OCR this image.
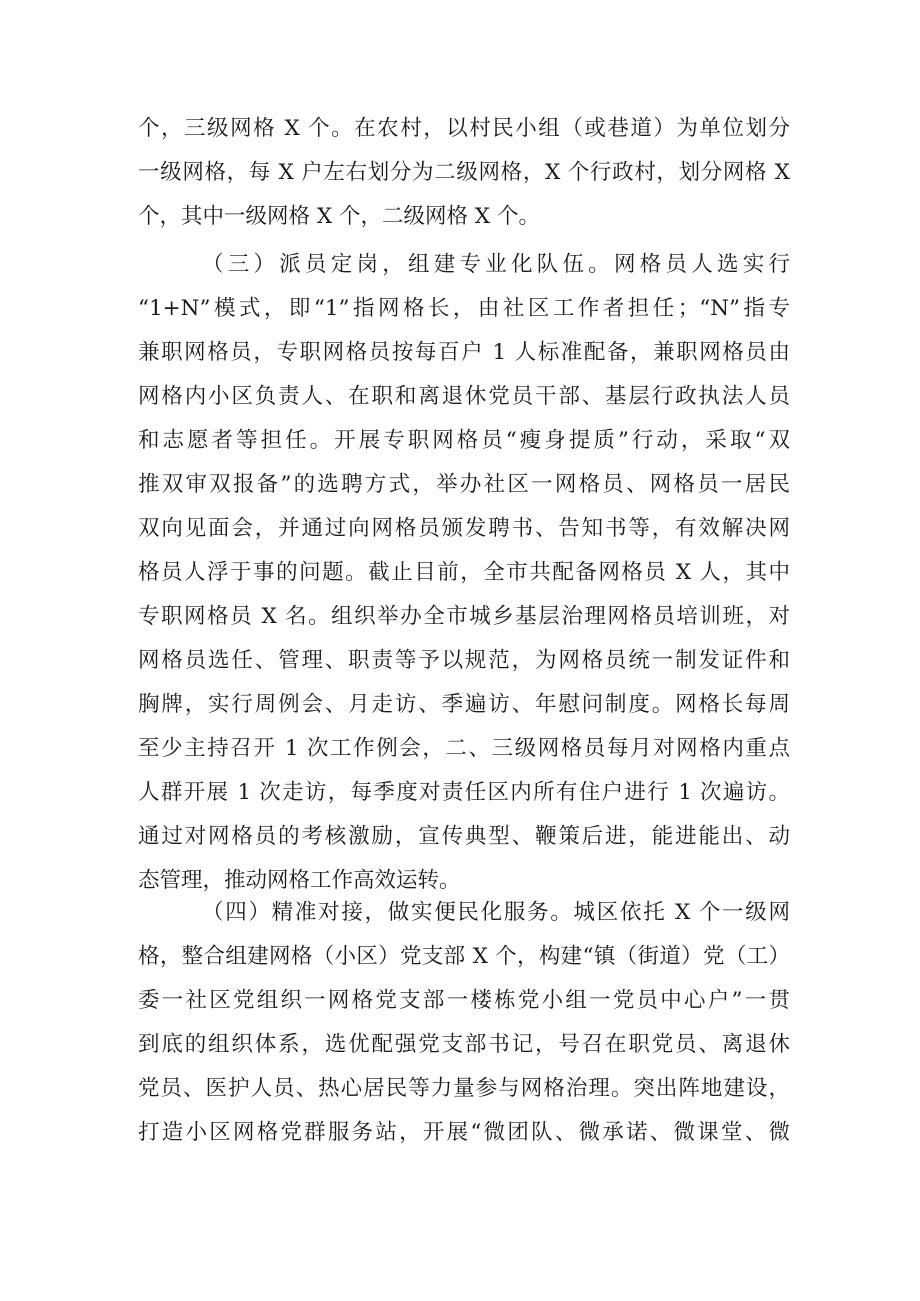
个，三级网格 X 个。在农村，以村民小组（或巷道）为单位划分
一级网格，每 X 户左右划分为二级网格，X 个行政村，划分网格 X
个，其中一级网格 X 个，二级网格 X 个。
（三）派员定岗，组建专业化队伍。网格员人选实行
“1+N”模式，即“1”指网格长，由社区工作者担任；“N”指专
兼职网格员，专职网格员按每百户 1 人标准配备，兼职网格员由
网格内小区负责人、在职和离退休党员干部、基层行政执法人员
和志愿者等担任。开展专职网格员“瘦身提质”行动，采取“双
推双审双报备”的选聘方式，举办社区一网格员、网格员一居民
双向见面会，并通过向网格员颁发聘书、告知书等，有效解决网
格员人浮于事的问题。截止目前，全市共配备网格员 X 人，其中
专职网格员 X 名。组织举办全市城乡基层治理网格员培训班，对
网格员选任、管理、职责等予以规范，为网格员统一制发证件和
胸牌，实行周例会、月走访、季遍访、年慰问制度。网格长每周
至少主持召开 1 次工作例会，二、三级网格员每月对网格内重点
人群开展 1 次走访，每季度对责任区内所有住户进行 1 次遍访。
通过对网格员的考核激励，宣传典型、鞭策后进，能进能出、动
态管理，推动网格工作高效运转。
（四）精准对接，做实便民化服务。城区依托 X 个一级网
格，整合组建网格（小区）党支部 X 个，构建“镇（街道）党（工）
委一社区党组织一网格党支部一楼栋党小组一党员中心户”一贯
到底的组织体系，选优配强党支部书记，号召在职党员、离退休
党员、医护人员、热心居民等力量参与网格治理。突出阵地建设，
打造小区网格党群服务站，开展“微团队、微承诺、微课堂、微
